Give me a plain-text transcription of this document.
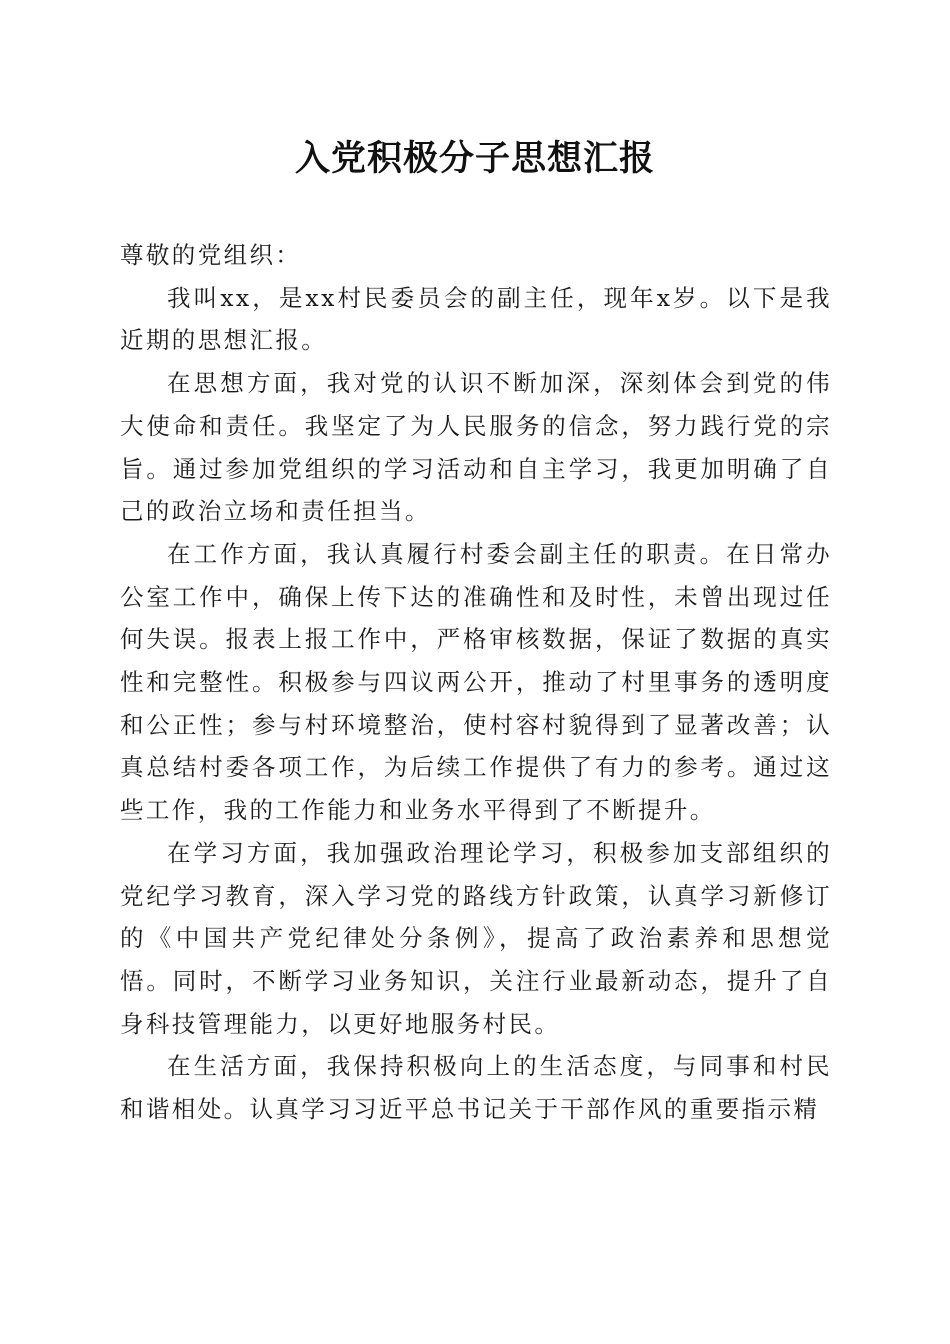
入党积极分子思想汇报

尊敬的党组织：

我叫xx，是xx村民委员会的副主任，现年x岁。以下是我近期的思想汇报。

在思想方面，我对党的认识不断加深，深刻体会到党的伟大使命和责任。我坚定了为人民服务的信念，努力践行党的宗旨。通过参加党组织的学习活动和自主学习，我更加明确了自己的政治立场和责任担当。

在工作方面，我认真履行村委会副主任的职责。在日常办公室工作中，确保上传下达的准确性和及时性，未曾出现过任何失误。报表上报工作中，严格审核数据，保证了数据的真实性和完整性。积极参与四议两公开，推动了村里事务的透明度和公正性；参与村环境整治，使村容村貌得到了显著改善；认真总结村委各项工作，为后续工作提供了有力的参考。通过这些工作，我的工作能力和业务水平得到了不断提升。

在学习方面，我加强政治理论学习，积极参加支部组织的党纪学习教育，深入学习党的路线方针政策，认真学习新修订的《中国共产党纪律处分条例》，提高了政治素养和思想觉悟。同时，不断学习业务知识，关注行业最新动态，提升了自身科技管理能力，以更好地服务村民。

在生活方面，我保持积极向上的生活态度，与同事和村民和谐相处。认真学习习近平总书记关于干部作风的重要指示精
